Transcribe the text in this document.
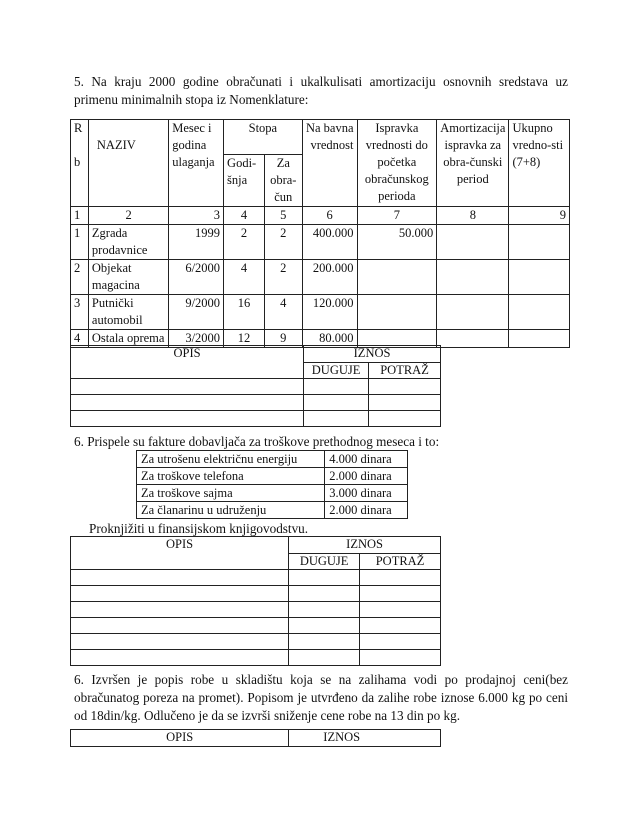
5. Na kraju 2000 godine obračunati i ukalkulisati amortizaciju osnovnih sredstava uz primenu minimalnih stopa iz Nomenklature:
R
b	NAZIV	Mesec i godina ulaganja	Stopa		Na bavna vrednost	Ispravka vrednosti do početka obračunskog perioda	Amortizacija ispravka za obra-čunski period	Ukupno vredno-sti (7+8)
			Godi-šnja	Za obra-čun				
1	2	3	4	5	6	7	8	9
1	Zgrada prodavnice	1999	2	2	400.000	50.000		
2	Objekat magacina	6/2000	4	2	200.000			
3	Putnički automobil	9/2000	16	4	120.000			
4	Ostala oprema	3/2000	12	9	80.000			
OPIS	IZNOS	
	DUGUJE	POTRAŽ

6. Prispele su fakture dobavljača za troškove prethodnog meseca i to:
Za utrošenu električnu energiju	4.000 dinara
Za troškove telefona	2.000 dinara
Za troškove sajma	3.000 dinara
Za članarinu u udruženju	2.000 dinara
Proknjižiti u finansijskom knjigovodstvu.
OPIS	IZNOS	
	DUGUJE	POTRAŽ

6. Izvršen je popis robe u skladištu koja se na zalihama vodi po prodajnoj ceni(bez obračunatog poreza na promet). Popisom je utvrđeno da zalihe robe iznose 6.000 kg po ceni od 18din/kg. Odlučeno je da se izvrši sniženje cene robe na 13 din po kg.
OPIS	IZNOS
